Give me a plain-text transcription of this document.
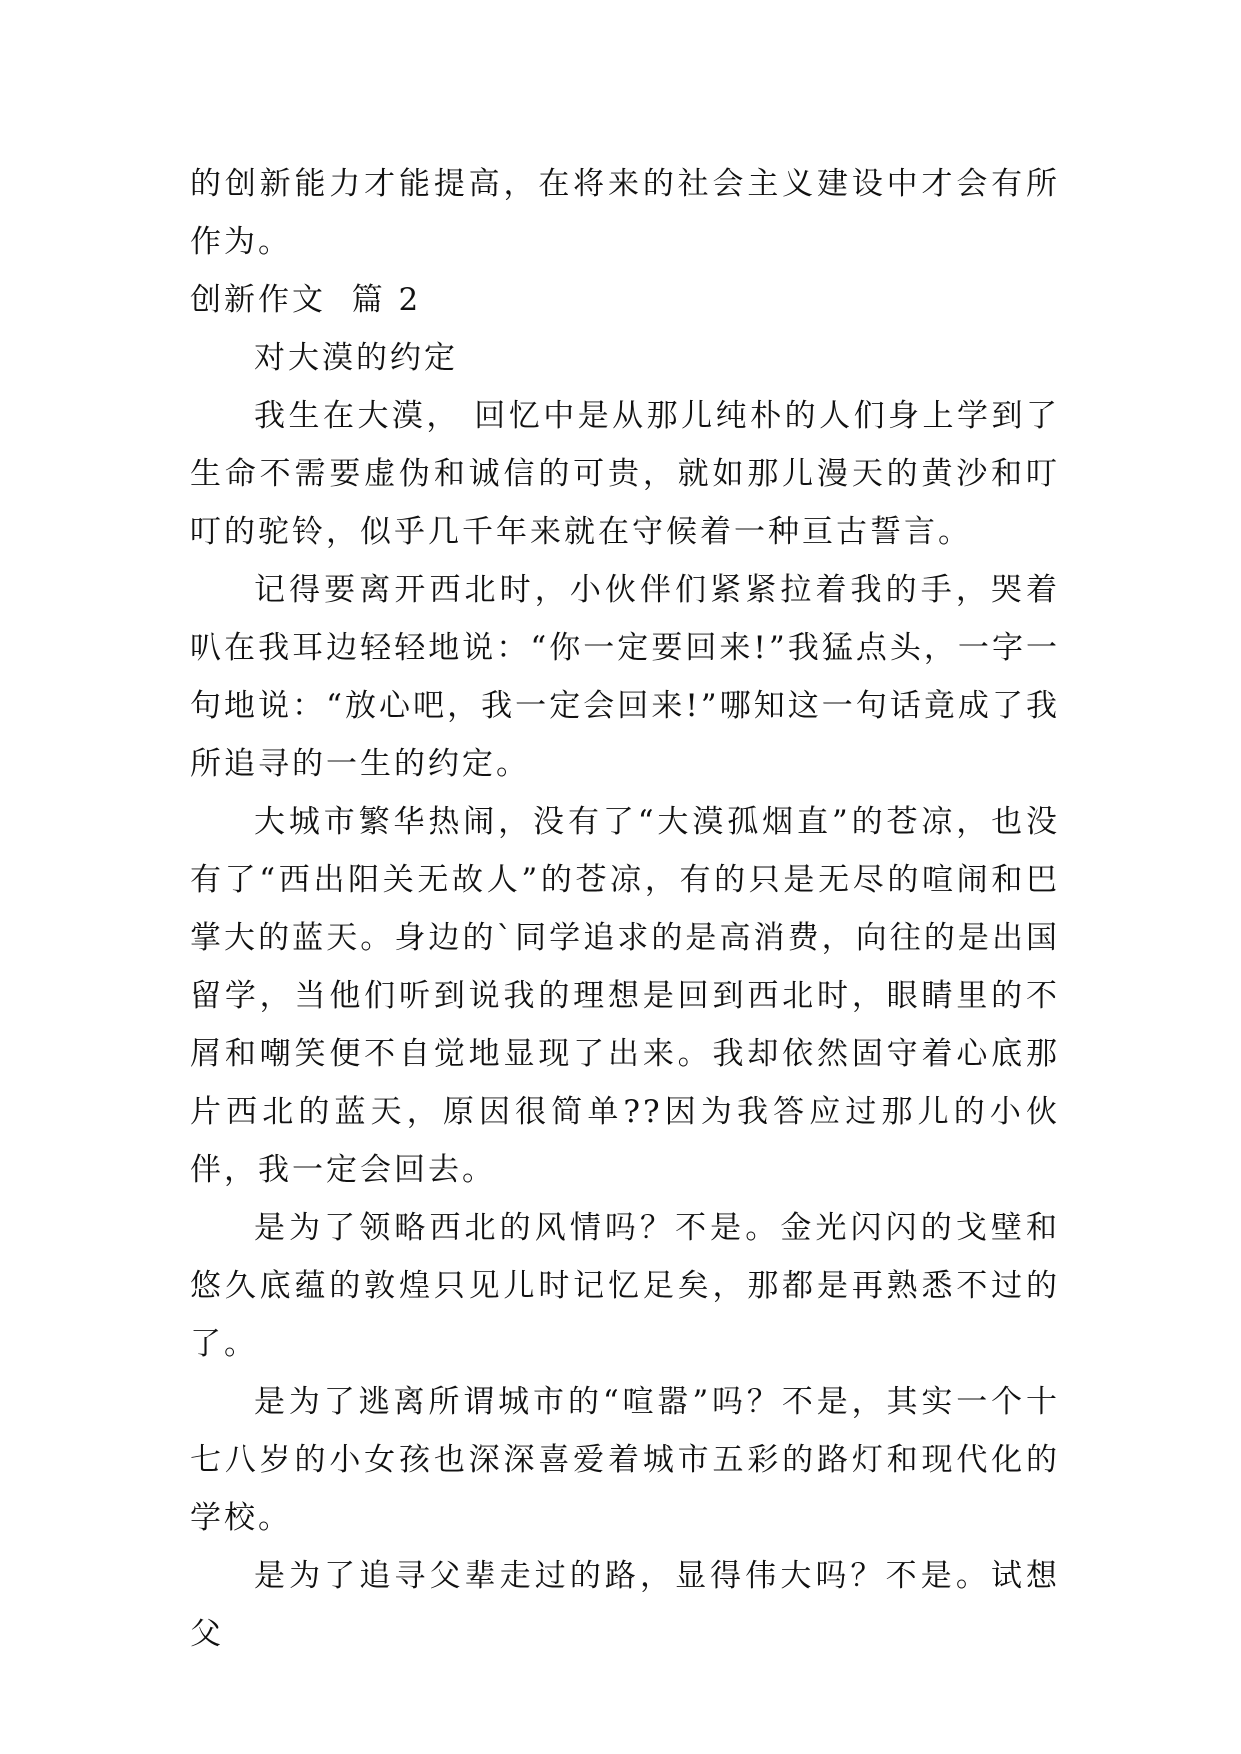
的创新能力才能提高，在将来的社会主义建设中才会有所作为。

创新作文  篇 2

对大漠的约定

我生在大漠， 回忆中是从那儿纯朴的人们身上学到了生命不需要虚伪和诚信的可贵，就如那儿漫天的黄沙和叮叮的驼铃，似乎几千年来就在守候着一种亘古誓言。

记得要离开西北时，小伙伴们紧紧拉着我的手，哭着叭在我耳边轻轻地说：“你一定要回来!”我猛点头，一字一句地说：“放心吧，我一定会回来!”哪知这一句话竟成了我所追寻的一生的约定。

大城市繁华热闹，没有了“大漠孤烟直”的苍凉，也没有了“西出阳关无故人”的苍凉，有的只是无尽的喧闹和巴掌大的蓝天。身边的`同学追求的是高消费，向往的是出国留学，当他们听到说我的理想是回到西北时，眼睛里的不屑和嘲笑便不自觉地显现了出来。我却依然固守着心底那片西北的蓝天，原因很简单??因为我答应过那儿的小伙伴，我一定会回去。

是为了领略西北的风情吗？不是。金光闪闪的戈壁和悠久底蕴的敦煌只见儿时记忆足矣，那都是再熟悉不过的了。

是为了逃离所谓城市的“喧嚣”吗？不是，其实一个十七八岁的小女孩也深深喜爱着城市五彩的路灯和现代化的学校。

是为了追寻父辈走过的路，显得伟大吗？不是。试想父
